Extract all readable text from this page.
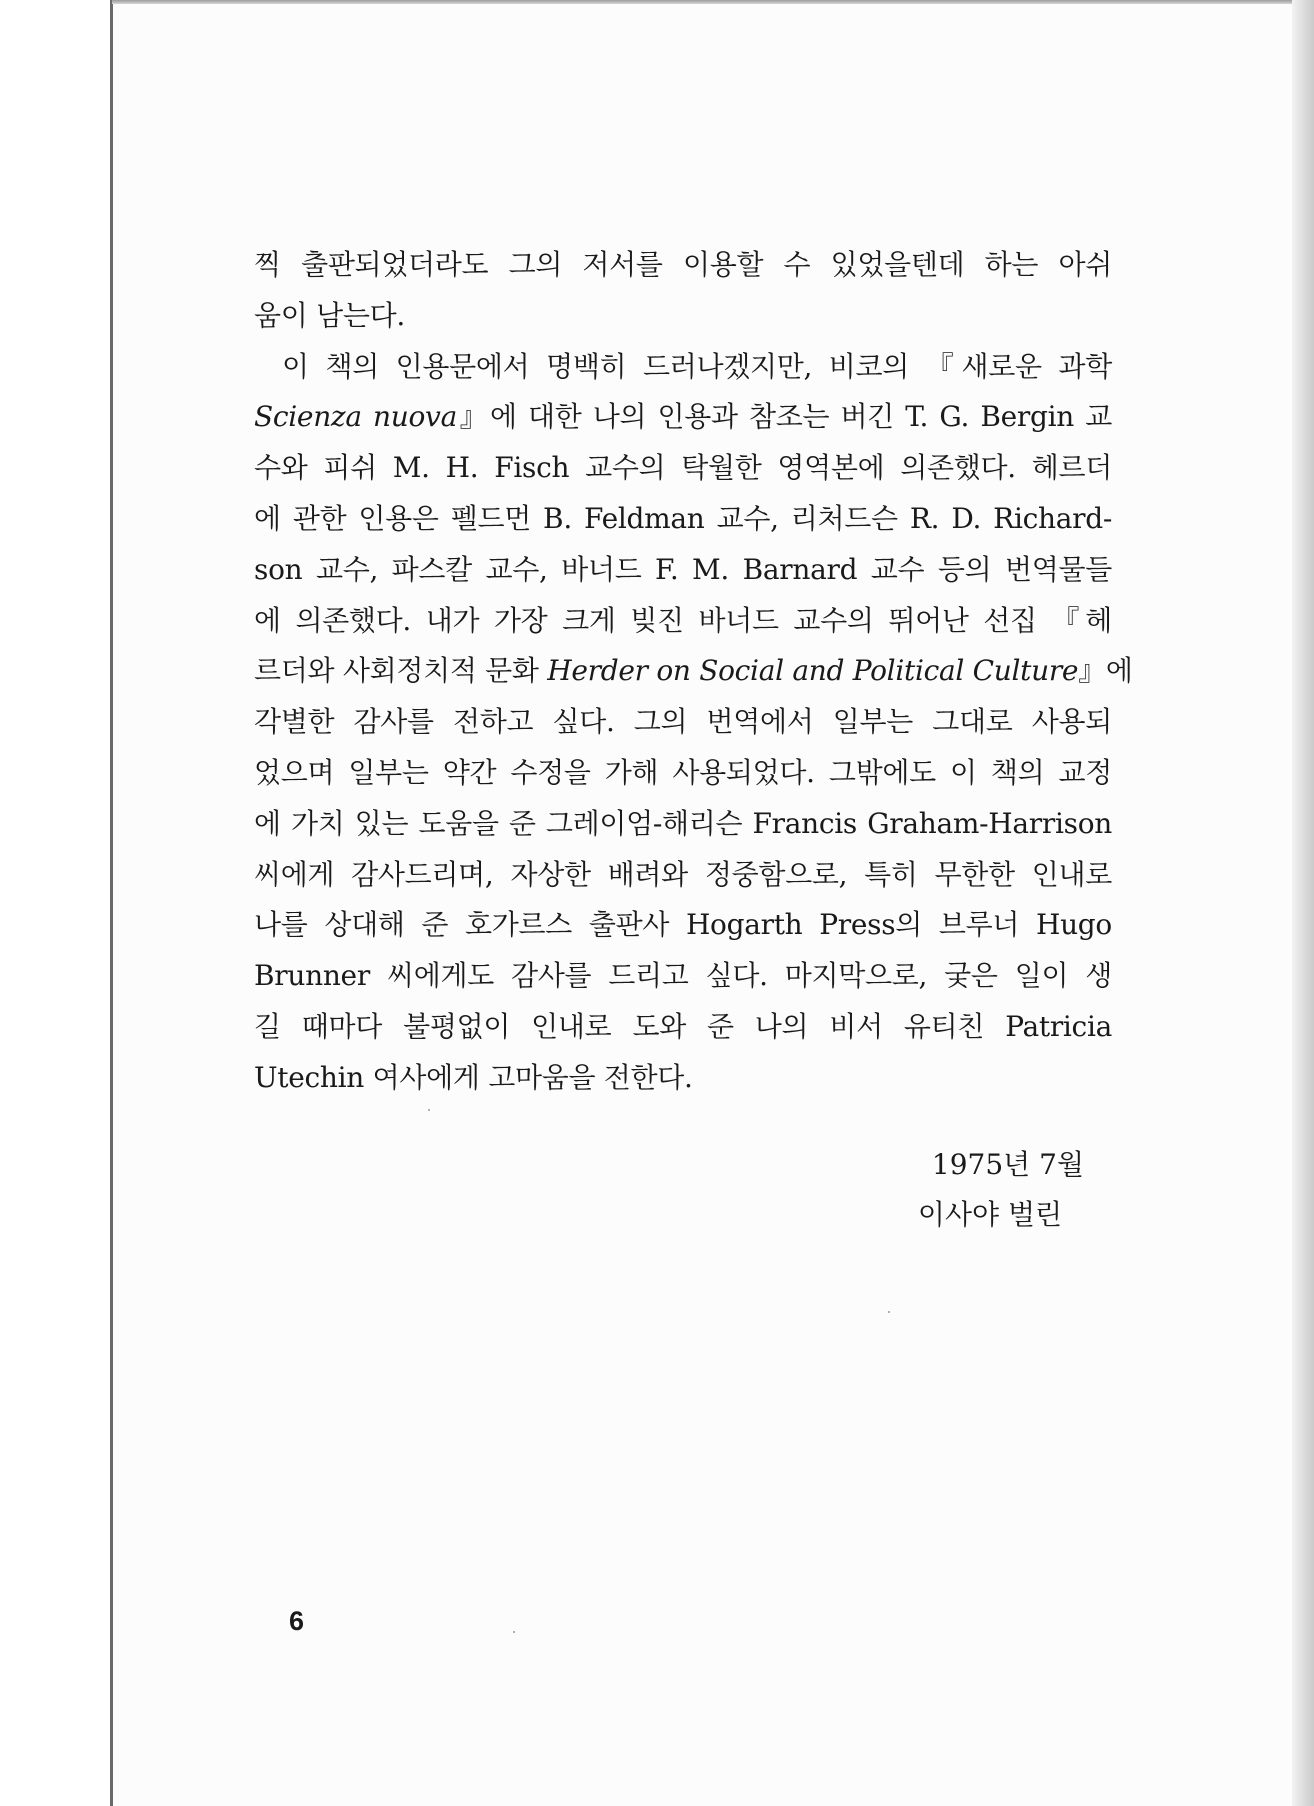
찍 출판되었더라도 그의 저서를 이용할 수 있었을텐데 하는 아쉬
움이 남는다.
이 책의 인용문에서 명백히 드러나겠지만, 비코의 『새로운 과학
Scienza nuova』에 대한 나의 인용과 참조는 버긴 T. G. Bergin 교
수와 피쉬 M. H. Fisch 교수의 탁월한 영역본에 의존했다. 헤르더
에 관한 인용은 펠드먼 B. Feldman 교수, 리처드슨 R. D. Richard-
son 교수, 파스칼 교수, 바너드 F. M. Barnard 교수 등의 번역물들
에 의존했다. 내가 가장 크게 빚진 바너드 교수의 뛰어난 선집 『헤
르더와 사회정치적 문화 Herder on Social and Political Culture』에
각별한 감사를 전하고 싶다. 그의 번역에서 일부는 그대로 사용되
었으며 일부는 약간 수정을 가해 사용되었다. 그밖에도 이 책의 교정
에 가치 있는 도움을 준 그레이엄-해리슨 Francis Graham-Harrison
씨에게 감사드리며, 자상한 배려와 정중함으로, 특히 무한한 인내로
나를 상대해 준 호가르스 출판사 Hogarth Press의 브루너 Hugo
Brunner 씨에게도 감사를 드리고 싶다. 마지막으로, 궂은 일이 생
길 때마다 불평없이 인내로 도와 준 나의 비서 유티친 Patricia
Utechin 여사에게 고마움을 전한다.
1975년 7월
이사야 벌린
6
